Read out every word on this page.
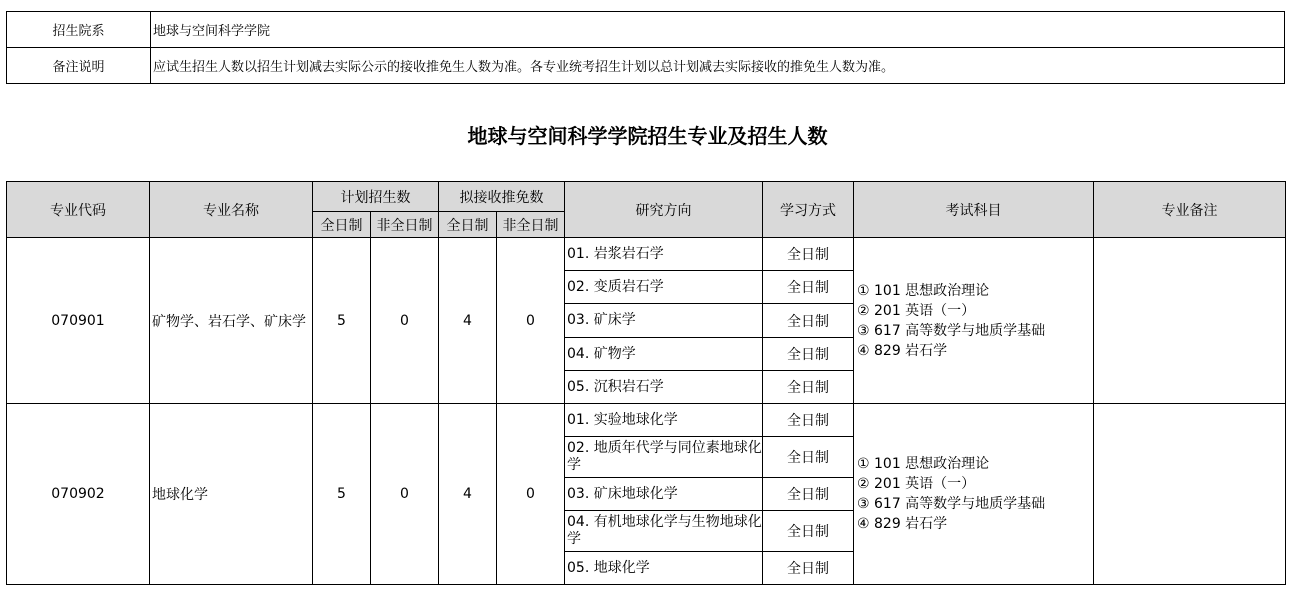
招生院系	地球与空间科学学院
备注说明	应试生招生人数以招生计划减去实际公示的接收推免生人数为准。各专业统考招生计划以总计划减去实际接收的推免生人数为准。
地球与空间科学学院招生专业及招生人数
专业代码	专业名称	计划招生数		拟接收推免数		研究方向	学习方式	考试科目	专业备注
		全日制	非全日制	全日制	非全日制				
070901	矿物学、岩石学、矿床学	5	0	4	0	01. 岩浆岩石学	全日制	① 101 思想政治理论
② 201 英语（一）
③ 617 高等数学与地质学基础
④ 829 岩石学	

						02. 变质岩石学	全日制		
						03. 矿床学	全日制		
						04. 矿物学	全日制		
						05. 沉积岩石学	全日制		
070902	地球化学	5	0	4	0	01. 实验地球化学	全日制	① 101 思想政治理论
② 201 英语（一）
③ 617 高等数学与地质学基础
④ 829 岩石学	

						02. 地质年代学与同位素地球化学	全日制		
						03. 矿床地球化学	全日制		
						04. 有机地球化学与生物地球化学	全日制		
						05. 地球化学	全日制		
